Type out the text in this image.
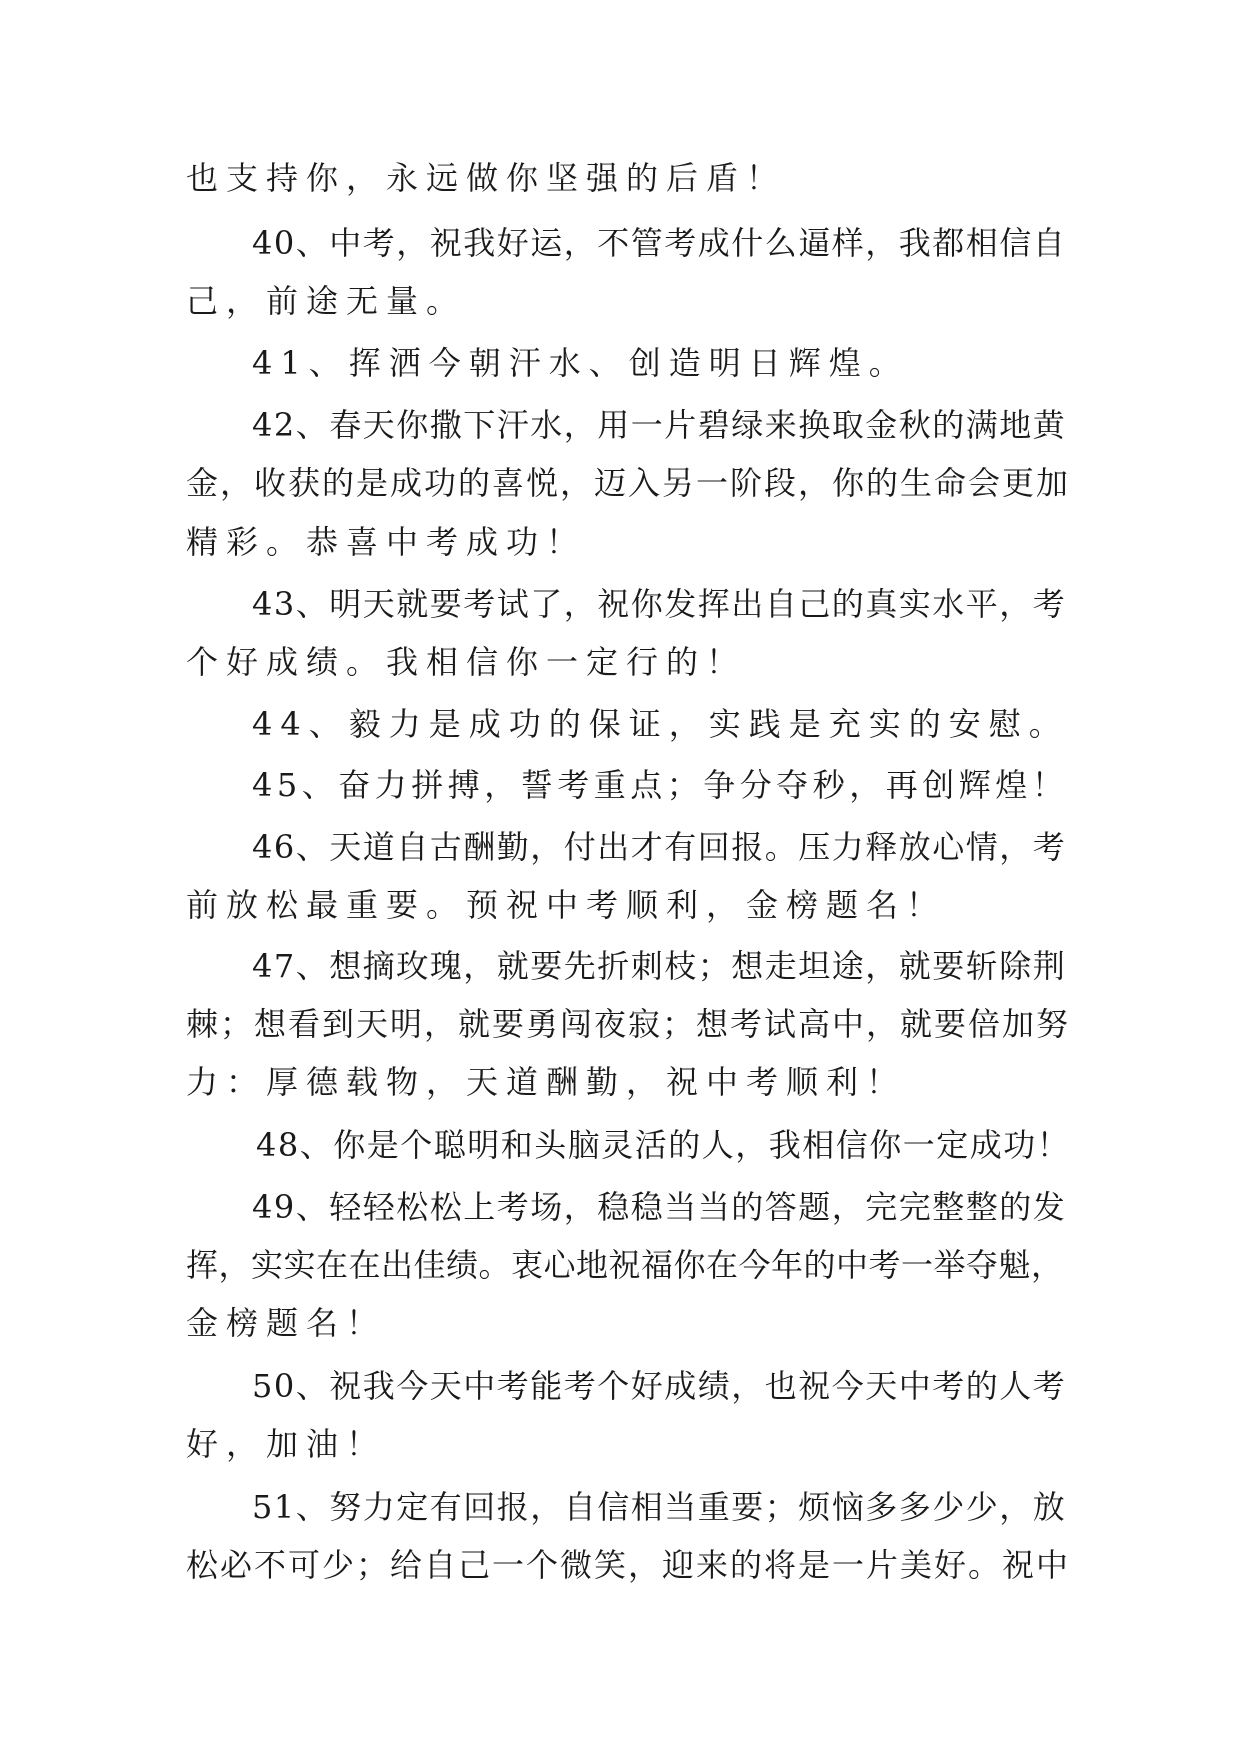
也支持你，永远做你坚强的后盾！
40、中考，祝我好运，不管考成什么逼样，我都相信自
己，前途无量。
41、挥洒今朝汗水、创造明日辉煌。
42、春天你撒下汗水，用一片碧绿来换取金秋的满地黄
金，收获的是成功的喜悦，迈入另一阶段，你的生命会更加
精彩。恭喜中考成功！
43、明天就要考试了，祝你发挥出自己的真实水平，考
个好成绩。我相信你一定行的！
44、毅力是成功的保证，实践是充实的安慰。
45、奋力拼搏，誓考重点；争分夺秒，再创辉煌！
46、天道自古酬勤，付出才有回报。压力释放心情，考
前放松最重要。预祝中考顺利，金榜题名！
47、想摘玫瑰，就要先折刺枝；想走坦途，就要斩除荆
棘；想看到天明，就要勇闯夜寂；想考试高中，就要倍加努
力：厚德载物，天道酬勤，祝中考顺利！
48、你是个聪明和头脑灵活的人，我相信你一定成功！
49、轻轻松松上考场，稳稳当当的答题，完完整整的发
挥，实实在在出佳绩。衷心地祝福你在今年的中考一举夺魁，
金榜题名！
50、祝我今天中考能考个好成绩，也祝今天中考的人考
好，加油！
51、努力定有回报，自信相当重要；烦恼多多少少，放
松必不可少；给自己一个微笑，迎来的将是一片美好。祝中
